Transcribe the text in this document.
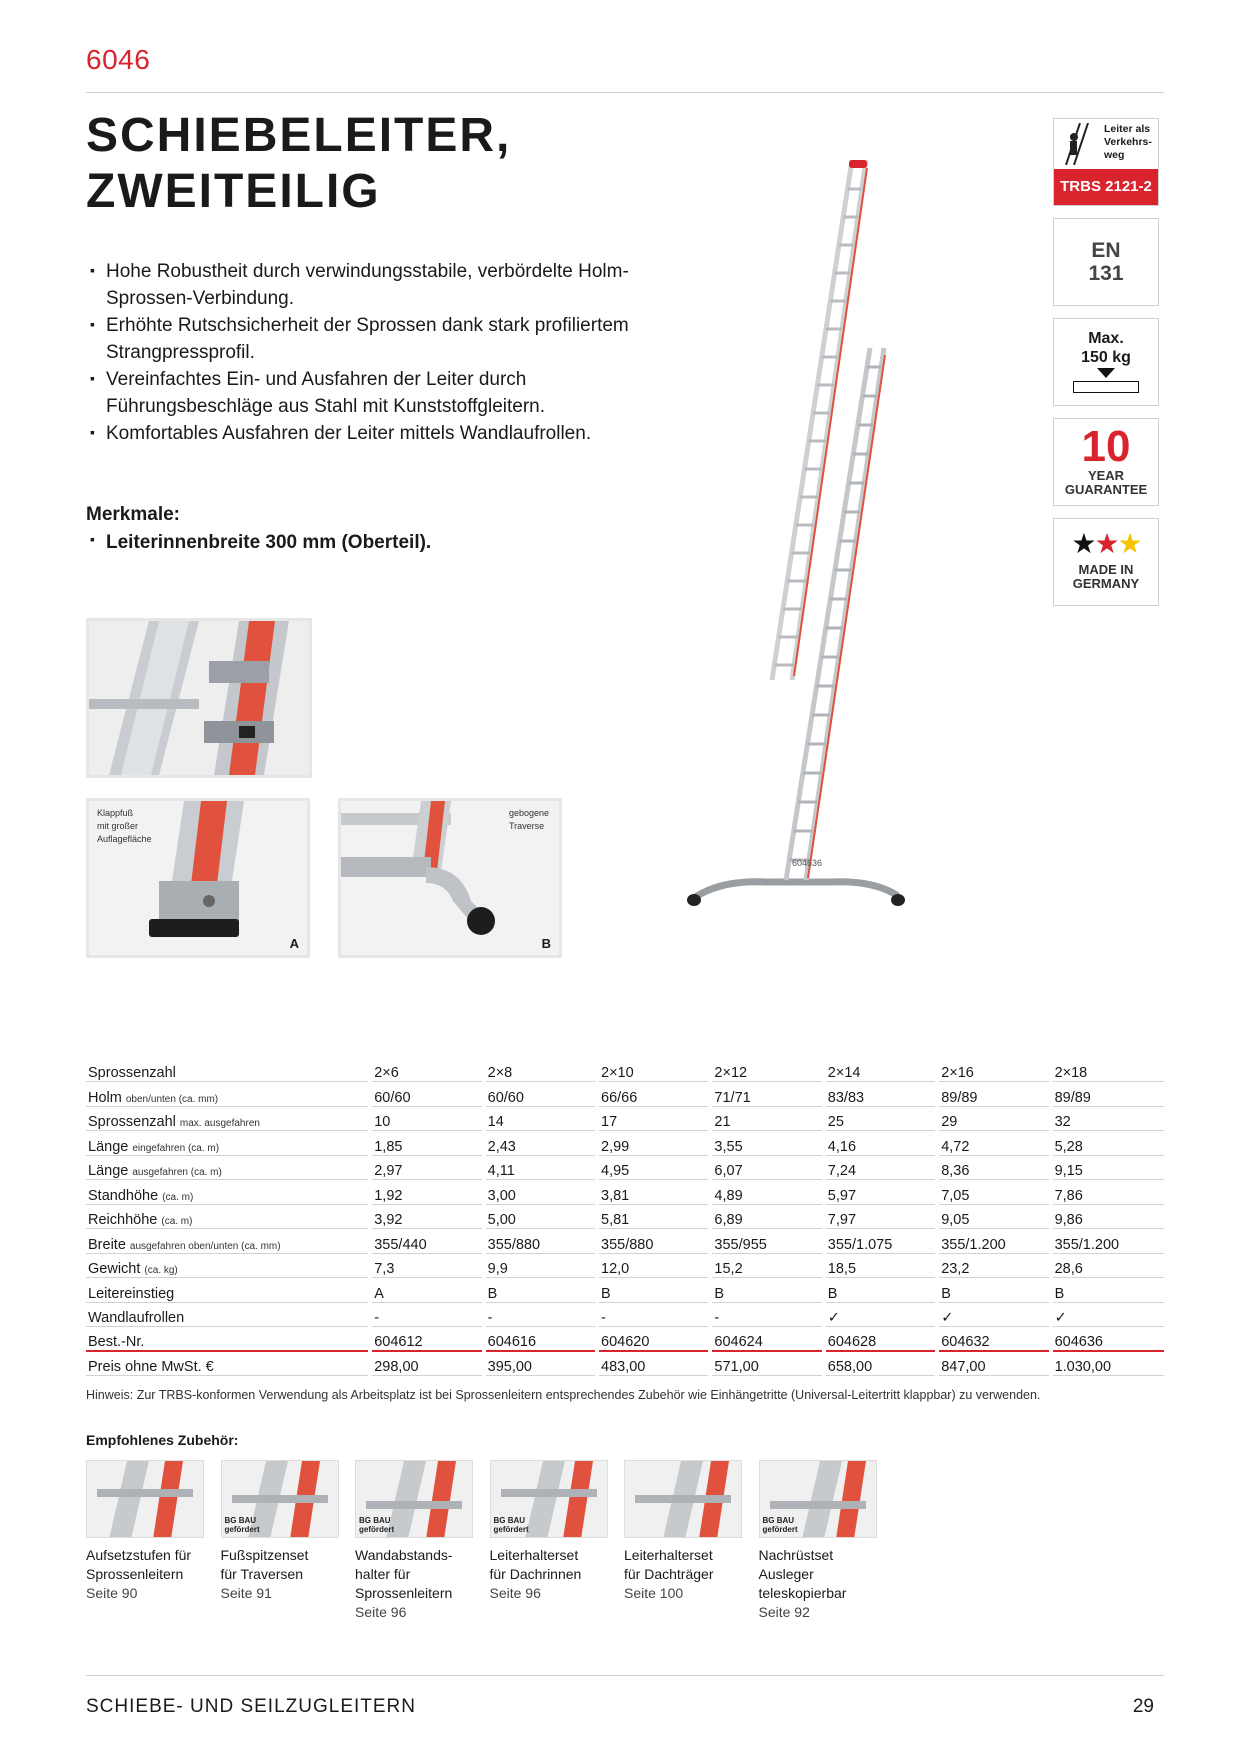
6046
SCHIEBELEITER,
ZWEITEILIG
▪ Hohe Robustheit durch verwindungsstabile, verbördelte Holm-Sprossen-Verbindung.
▪ Erhöhte Rutschsicherheit der Sprossen dank stark profiliertem Strangpressprofil.
▪ Vereinfachtes Ein- und Ausfahren der Leiter durch Führungsbeschläge aus Stahl mit Kunststoffgleitern.
▪ Komfortables Ausfahren der Leiter mittels Wandlaufrollen.
Merkmale:
▪ Leiterinnenbreite 300 mm (Oberteil).
Klappfuß
mit großer
Auflagefläche
A
gebogene
Traverse
B
604636
Leiter als
Verkehrs-
weg
TRBS 2121-2
EN
131
Max.
150 kg
10
YEAR
GUARANTEE
★★★
MADE IN
GERMANY
Sprossenzahl	2×6	2×8	2×10	2×12	2×14	2×16	2×18
Holm oben/unten (ca. mm)	60/60	60/60	66/66	71/71	83/83	89/89	89/89
Sprossenzahl max. ausgefahren	10	14	17	21	25	29	32
Länge eingefahren (ca. m)	1,85	2,43	2,99	3,55	4,16	4,72	5,28
Länge ausgefahren (ca. m)	2,97	4,11	4,95	6,07	7,24	8,36	9,15
Standhöhe (ca. m)	1,92	3,00	3,81	4,89	5,97	7,05	7,86
Reichhöhe (ca. m)	3,92	5,00	5,81	6,89	7,97	9,05	9,86
Breite ausgefahren oben/unten (ca. mm)	355/440	355/880	355/880	355/955	355/1.075	355/1.200	355/1.200
Gewicht (ca. kg)	7,3	9,9	12,0	15,2	18,5	23,2	28,6
Leitereinstieg	A	B	B	B	B	B	B
Wandlaufrollen	-	-	-	-	✓	✓	✓
Best.-Nr.	604612	604616	604620	604624	604628	604632	604636
Preis ohne MwSt. €	298,00	395,00	483,00	571,00	658,00	847,00	1.030,00
Hinweis: Zur TRBS-konformen Verwendung als Arbeitsplatz ist bei Sprossenleitern entsprechendes Zubehör wie Einhängetritte (Universal-Leitertritt klappbar) zu verwenden.
Empfohlenes Zubehör:
Aufsetzstufen für
Sprossenleitern
Seite 90
BG BAU
gefördert
Fußspitzenset
für Traversen
Seite 91
BG BAU
gefördert
Wandabstands-
halter für
Sprossenleitern
Seite 96
BG BAU
gefördert
Leiterhalterset
für Dachrinnen
Seite 96
Leiterhalterset
für Dachträger
Seite 100
BG BAU
gefördert
Nachrüstset
Ausleger
teleskopierbar
Seite 92
SCHIEBE- UND SEILZUGLEITERN	29
